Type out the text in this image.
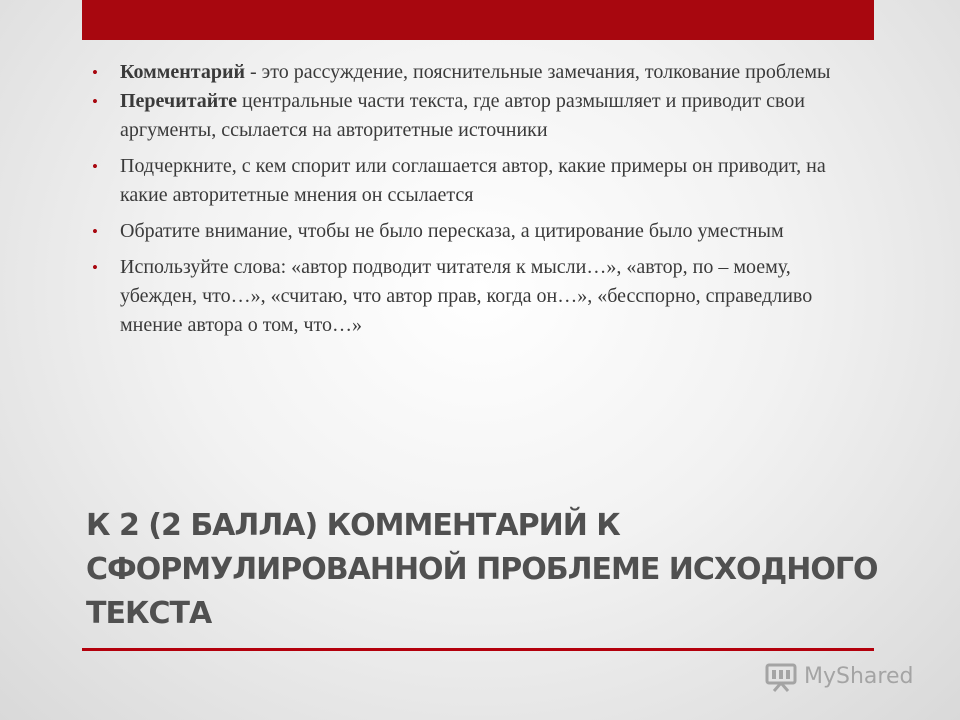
• Комментарий - это рассуждение, пояснительные замечания, толкование проблемы
• Перечитайте центральные части текста, где автор размышляет и приводит свои аргументы, ссылается на авторитетные источники
• Подчеркните, с кем спорит или соглашается автор, какие примеры он приводит, на какие авторитетные мнения он ссылается
• Обратите внимание, чтобы не было пересказа, а цитирование было уместным
• Используйте слова: «автор подводит читателя к мысли…», «автор, по – моему, убежден, что…», «считаю, что автор прав, когда он…», «бесспорно, справедливо мнение автора о том, что…»
К 2 (2 БАЛЛА) КОММЕНТАРИЙ К СФОРМУЛИРОВАННОЙ ПРОБЛЕМЕ ИСХОДНОГО ТЕКСТА
MyShared
